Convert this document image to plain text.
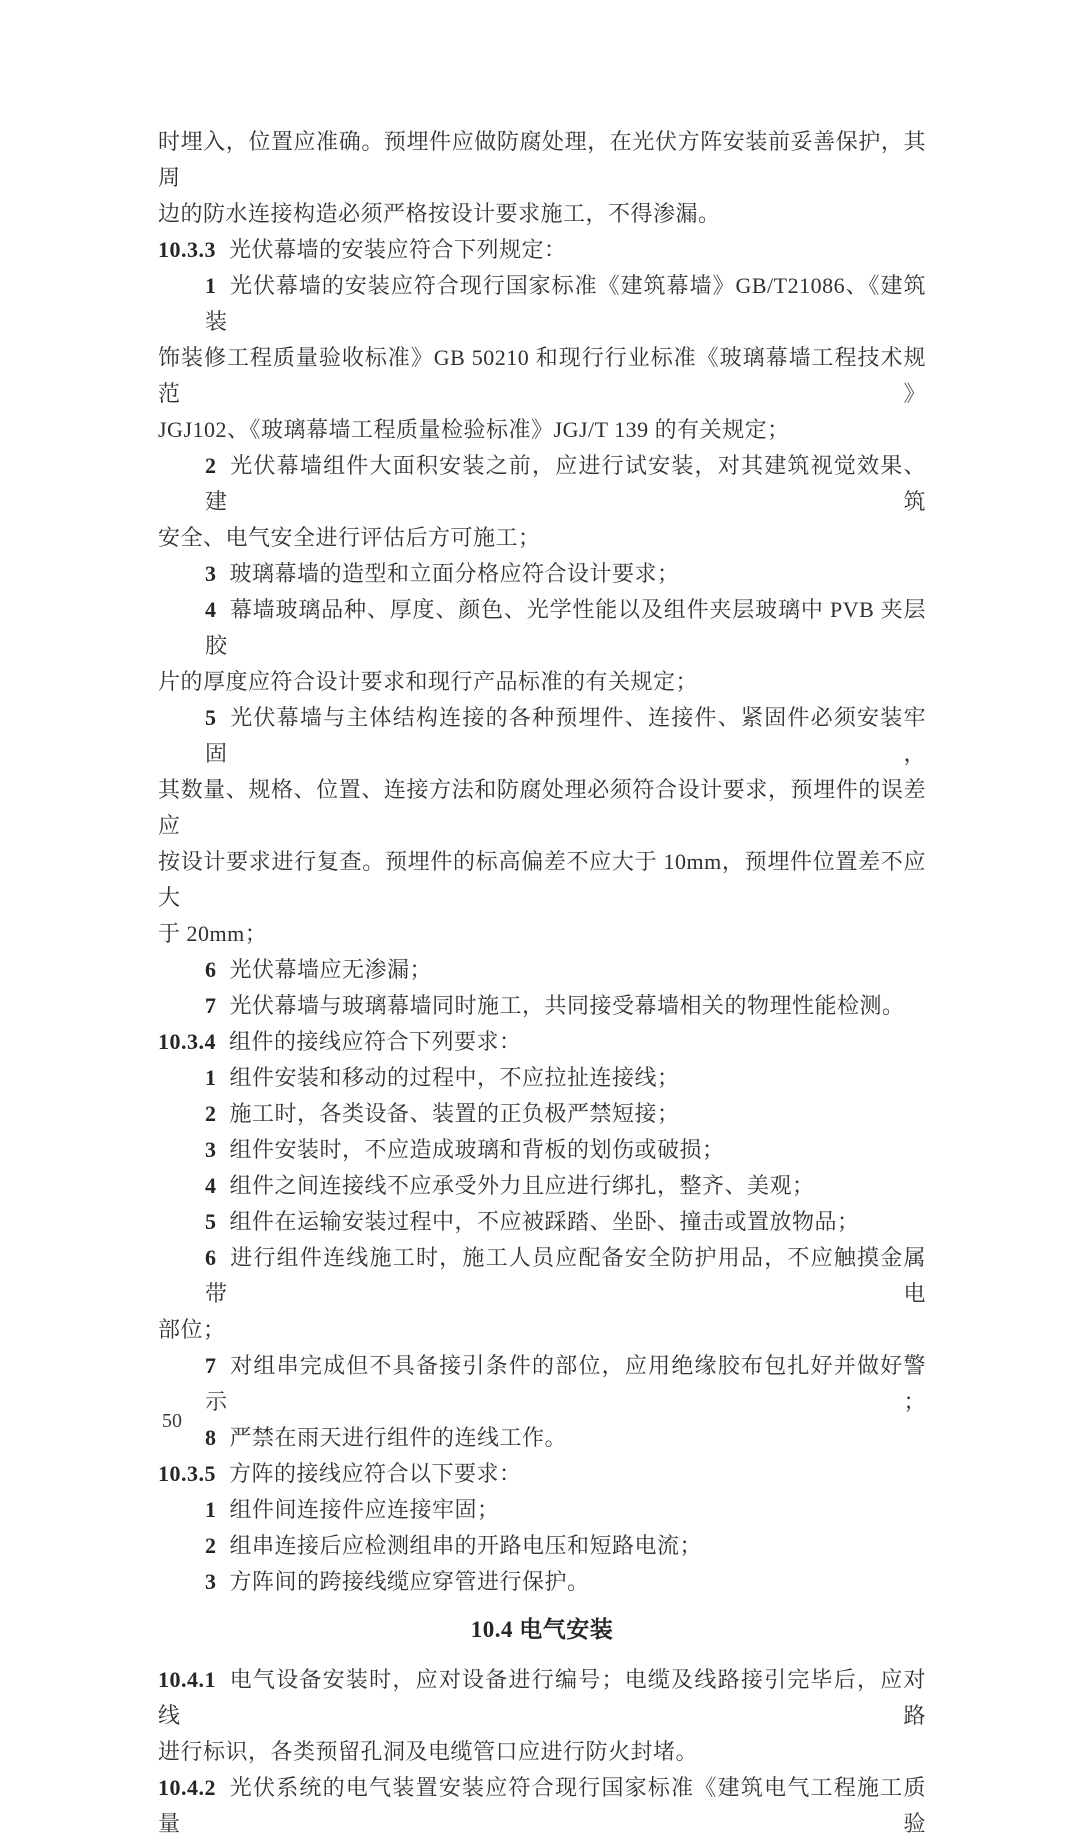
时埋入，位置应准确。预埋件应做防腐处理，在光伏方阵安装前妥善保护，其周
边的防水连接构造必须严格按设计要求施工，不得渗漏。
10.3.3 光伏幕墙的安装应符合下列规定：
1 光伏幕墙的安装应符合现行国家标准《建筑幕墙》GB/T21086、《建筑装
饰装修工程质量验收标准》GB 50210 和现行行业标准《玻璃幕墙工程技术规范》
JGJ102、《玻璃幕墙工程质量检验标准》JGJ/T 139 的有关规定；
2 光伏幕墙组件大面积安装之前，应进行试安装，对其建筑视觉效果、建筑
安全、电气安全进行评估后方可施工；
3 玻璃幕墙的造型和立面分格应符合设计要求；
4 幕墙玻璃品种、厚度、颜色、光学性能以及组件夹层玻璃中 PVB 夹层胶
片的厚度应符合设计要求和现行产品标准的有关规定；
5 光伏幕墙与主体结构连接的各种预埋件、连接件、紧固件必须安装牢固，
其数量、规格、位置、连接方法和防腐处理必须符合设计要求，预埋件的误差应
按设计要求进行复查。预埋件的标高偏差不应大于 10mm，预埋件位置差不应大
于 20mm；
6 光伏幕墙应无渗漏；
7 光伏幕墙与玻璃幕墙同时施工，共同接受幕墙相关的物理性能检测。
10.3.4 组件的接线应符合下列要求：
1 组件安装和移动的过程中，不应拉扯连接线；
2 施工时，各类设备、装置的正负极严禁短接；
3 组件安装时，不应造成玻璃和背板的划伤或破损；
4 组件之间连接线不应承受外力且应进行绑扎，整齐、美观；
5 组件在运输安装过程中，不应被踩踏、坐卧、撞击或置放物品；
6 进行组件连线施工时，施工人员应配备安全防护用品，不应触摸金属带电
部位；
7 对组串完成但不具备接引条件的部位，应用绝缘胶布包扎好并做好警示；
8 严禁在雨天进行组件的连线工作。
10.3.5 方阵的接线应符合以下要求：
1 组件间连接件应连接牢固；
2 组串连接后应检测组串的开路电压和短路电流；
3 方阵间的跨接线缆应穿管进行保护。
10.4 电气安装
10.4.1 电气设备安装时，应对设备进行编号；电缆及线路接引完毕后，应对线路
进行标识，各类预留孔洞及电缆管口应进行防火封堵。
10.4.2 光伏系统的电气装置安装应符合现行国家标准《建筑电气工程施工质量验
50
